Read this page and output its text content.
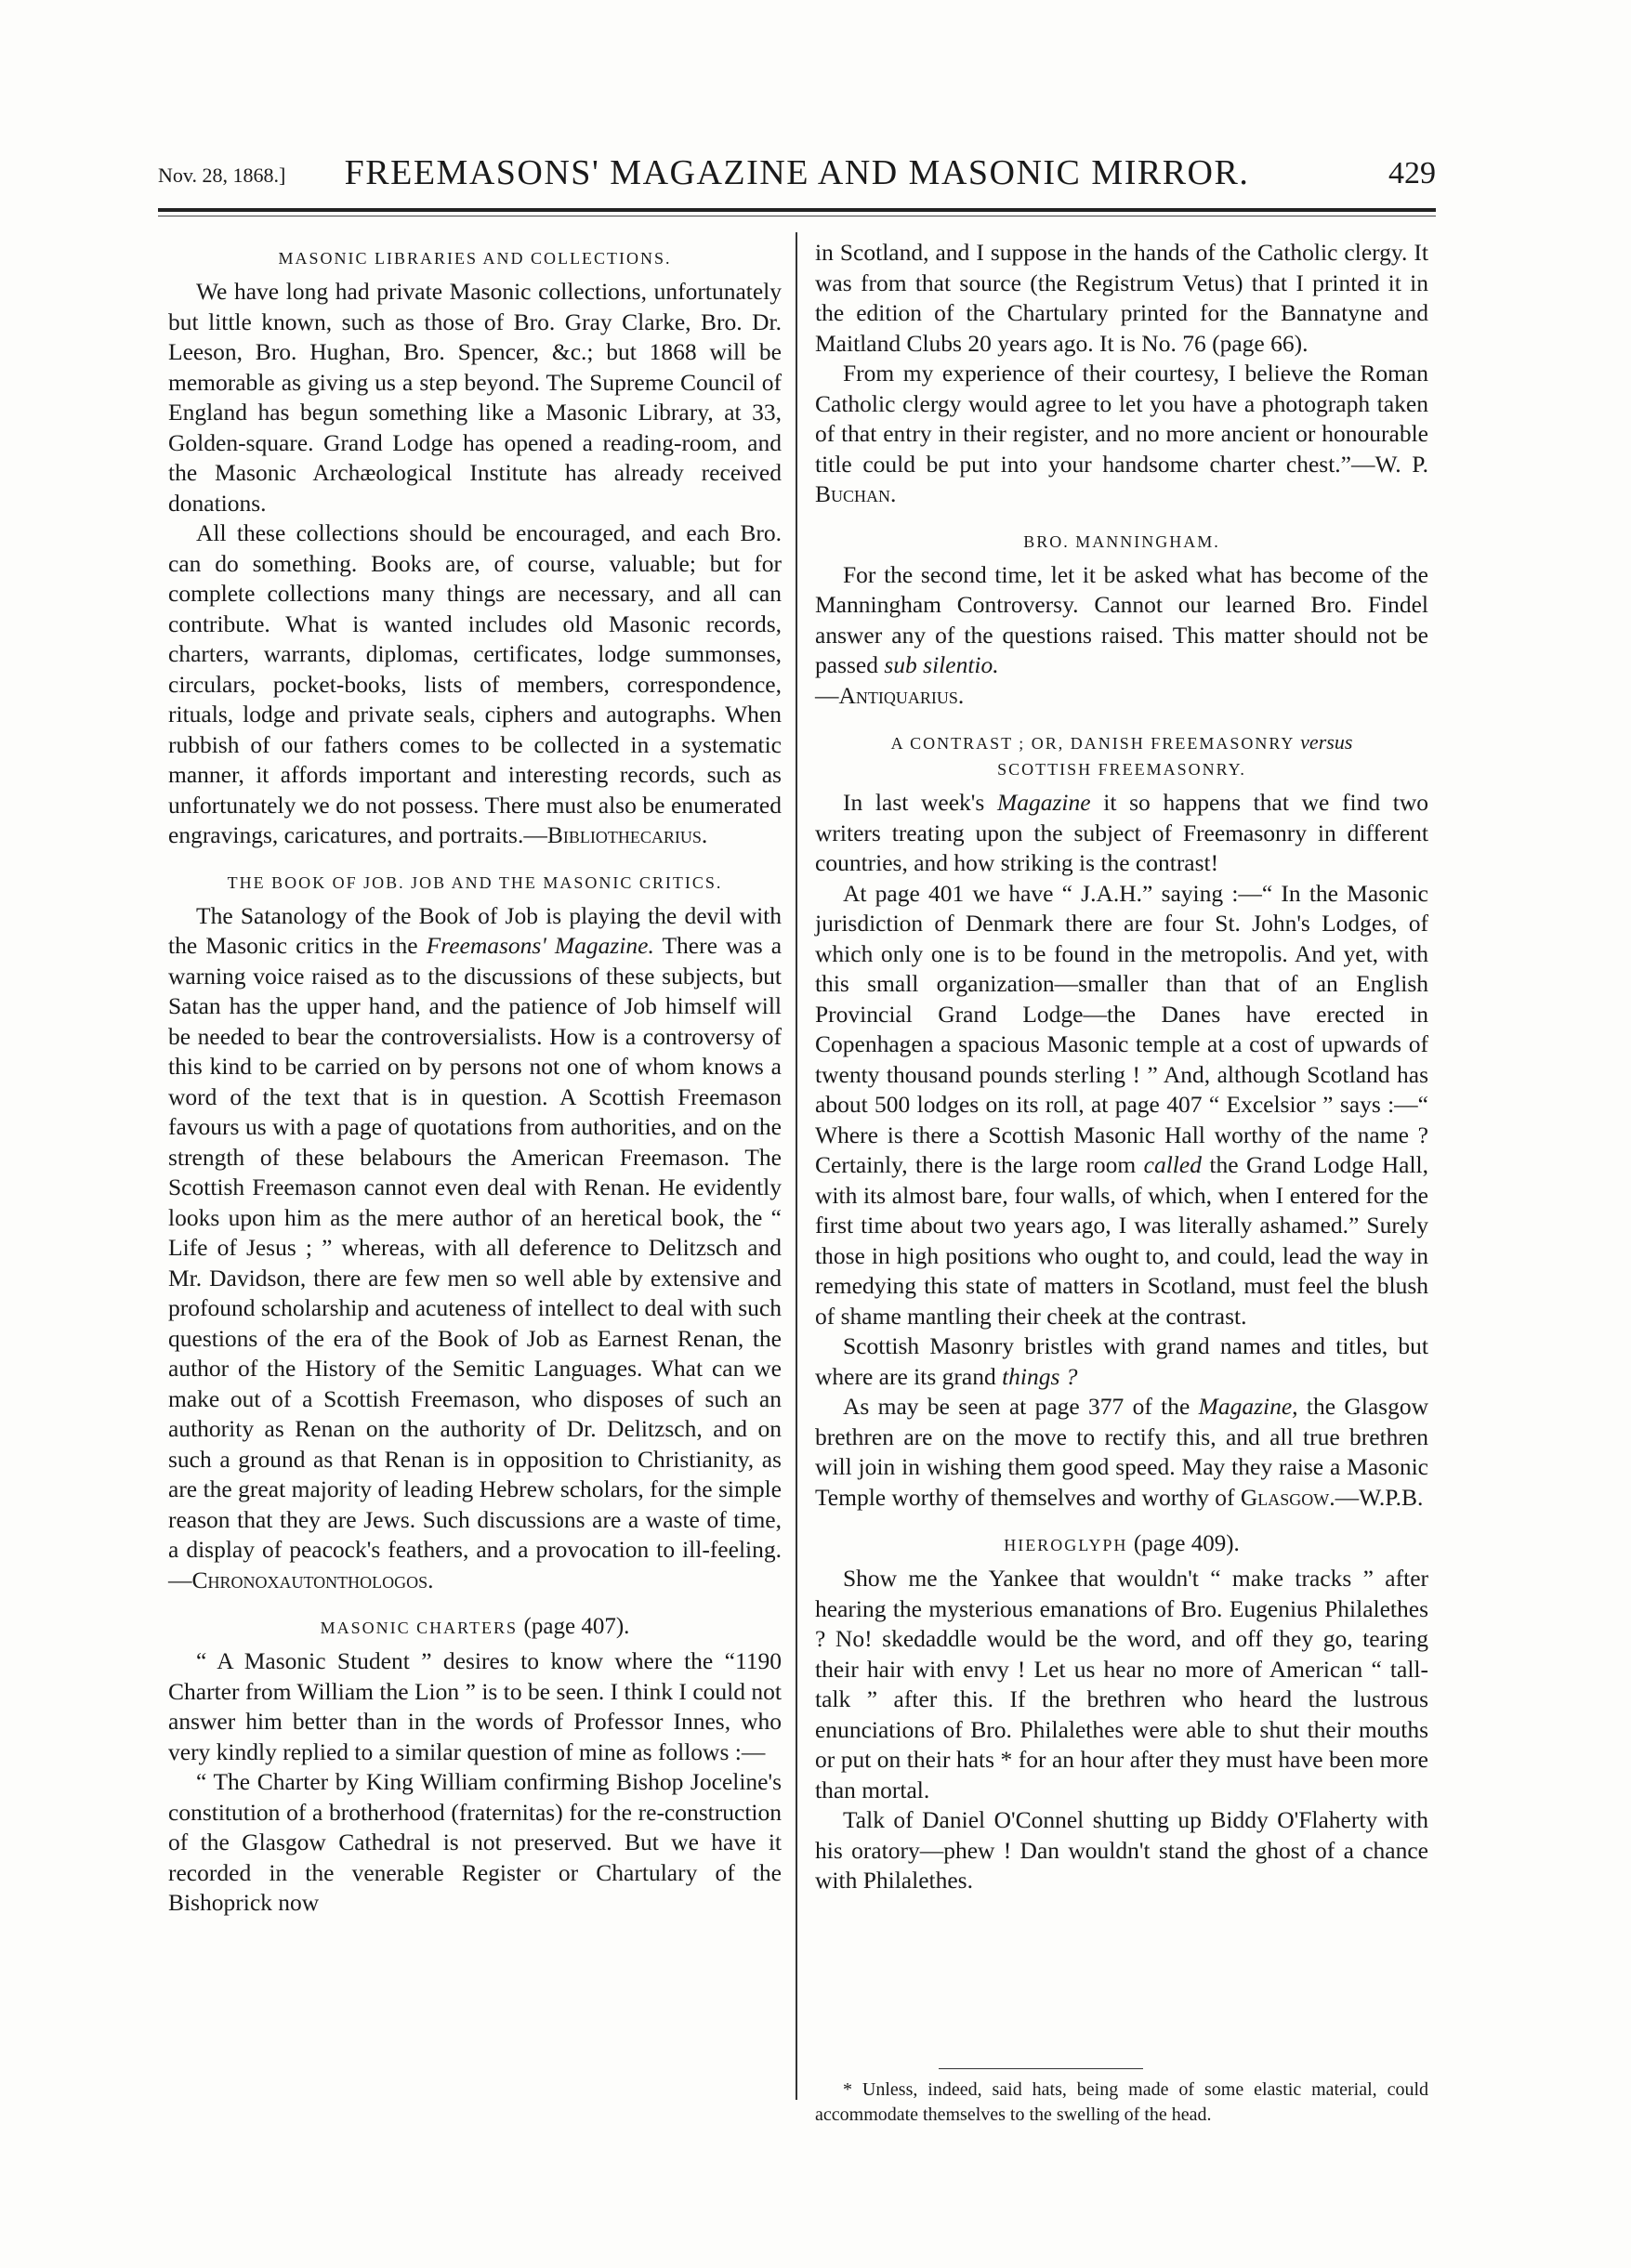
Nov. 28, 1868.]	FREEMASONS' MAGAZINE AND MASONIC MIRROR.	429
MASONIC LIBRARIES AND COLLECTIONS.

We have long had private Masonic collections, unfortunately but little known, such as those of Bro. Gray Clarke, Bro. Dr. Leeson, Bro. Hughan, Bro. Spencer, &c.; but 1868 will be memorable as giving us a step beyond. The Supreme Council of England has begun something like a Masonic Library, at 33, Golden-square. Grand Lodge has opened a reading-room, and the Masonic Archæological Institute has already received donations.

All these collections should be encouraged, and each Bro. can do something. Books are, of course, valuable; but for complete collections many things are necessary, and all can contribute. What is wanted includes old Masonic records, charters, warrants, diplomas, certificates, lodge summonses, circulars, pocket-books, lists of members, correspondence, rituals, lodge and private seals, ciphers and autographs. When rubbish of our fathers comes to be collected in a systematic manner, it affords important and interesting records, such as unfortunately we do not possess. There must also be enumerated engravings, caricatures, and portraits.—Bibliothecarius.

THE BOOK OF JOB. JOB AND THE MASONIC CRITICS.

The Satanology of the Book of Job is playing the devil with the Masonic critics in the Freemasons' Magazine. There was a warning voice raised as to the discussions of these subjects, but Satan has the upper hand, and the patience of Job himself will be needed to bear the controversialists. How is a controversy of this kind to be carried on by persons not one of whom knows a word of the text that is in question. A Scottish Freemason favours us with a page of quotations from authorities, and on the strength of these belabours the American Freemason. The Scottish Freemason cannot even deal with Renan. He evidently looks upon him as the mere author of an heretical book, the “ Life of Jesus ; ” whereas, with all deference to Delitzsch and Mr. Davidson, there are few men so well able by extensive and profound scholarship and acuteness of intellect to deal with such questions of the era of the Book of Job as Earnest Renan, the author of the History of the Semitic Languages. What can we make out of a Scottish Freemason, who disposes of such an authority as Renan on the authority of Dr. Delitzsch, and on such a ground as that Renan is in opposition to Christianity, as are the great majority of leading Hebrew scholars, for the simple reason that they are Jews. Such discussions are a waste of time, a display of peacock's feathers, and a provocation to ill-feeling.—Chronoxautonthologos.

MASONIC CHARTERS (page 407).

“ A Masonic Student ” desires to know where the “1190 Charter from William the Lion ” is to be seen. I think I could not answer him better than in the words of Professor Innes, who very kindly replied to a similar question of mine as follows :—

“ The Charter by King William confirming Bishop Joceline's constitution of a brotherhood (fraternitas) for the re-construction of the Glasgow Cathedral is not preserved. But we have it recorded in the venerable Register or Chartulary of the Bishoprick now

in Scotland, and I suppose in the hands of the Catholic clergy. It was from that source (the Registrum Vetus) that I printed it in the edition of the Chartulary printed for the Bannatyne and Maitland Clubs 20 years ago. It is No. 76 (page 66).

From my experience of their courtesy, I believe the Roman Catholic clergy would agree to let you have a photograph taken of that entry in their register, and no more ancient or honourable title could be put into your handsome charter chest.”—W. P. Buchan.

BRO. MANNINGHAM.

For the second time, let it be asked what has become of the Manningham Controversy. Cannot our learned Bro. Findel answer any of the questions raised. This matter should not be passed sub silentio.
—Antiquarius.

A CONTRAST ; OR, DANISH FREEMASONRY versus
SCOTTISH FREEMASONRY.

In last week's Magazine it so happens that we find two writers treating upon the subject of Freemasonry in different countries, and how striking is the contrast!

At page 401 we have “ J.A.H.” saying :—“ In the Masonic jurisdiction of Denmark there are four St. John's Lodges, of which only one is to be found in the metropolis. And yet, with this small organization—smaller than that of an English Provincial Grand Lodge—the Danes have erected in Copenhagen a spacious Masonic temple at a cost of upwards of twenty thousand pounds sterling ! ” And, although Scotland has about 500 lodges on its roll, at page 407 “ Excelsior ” says :—“ Where is there a Scottish Masonic Hall worthy of the name ? Certainly, there is the large room called the Grand Lodge Hall, with its almost bare, four walls, of which, when I entered for the first time about two years ago, I was literally ashamed.” Surely those in high positions who ought to, and could, lead the way in remedying this state of matters in Scotland, must feel the blush of shame mantling their cheek at the contrast.

Scottish Masonry bristles with grand names and titles, but where are its grand things ?

As may be seen at page 377 of the Magazine, the Glasgow brethren are on the move to rectify this, and all true brethren will join in wishing them good speed. May they raise a Masonic Temple worthy of themselves and worthy of Glasgow.—W.P.B.

HIEROGLYPH (page 409).

Show me the Yankee that wouldn't “ make tracks ” after hearing the mysterious emanations of Bro. Eugenius Philalethes ? No! skedaddle would be the word, and off they go, tearing their hair with envy ! Let us hear no more of American “ tall-talk ” after this. If the brethren who heard the lustrous enunciations of Bro. Philalethes were able to shut their mouths or put on their hats * for an hour after they must have been more than mortal.

Talk of Daniel O'Connel shutting up Biddy O'Flaherty with his oratory—phew ! Dan wouldn't stand the ghost of a chance with Philalethes.

* Unless, indeed, said hats, being made of some elastic material, could accommodate themselves to the swelling of the head.
